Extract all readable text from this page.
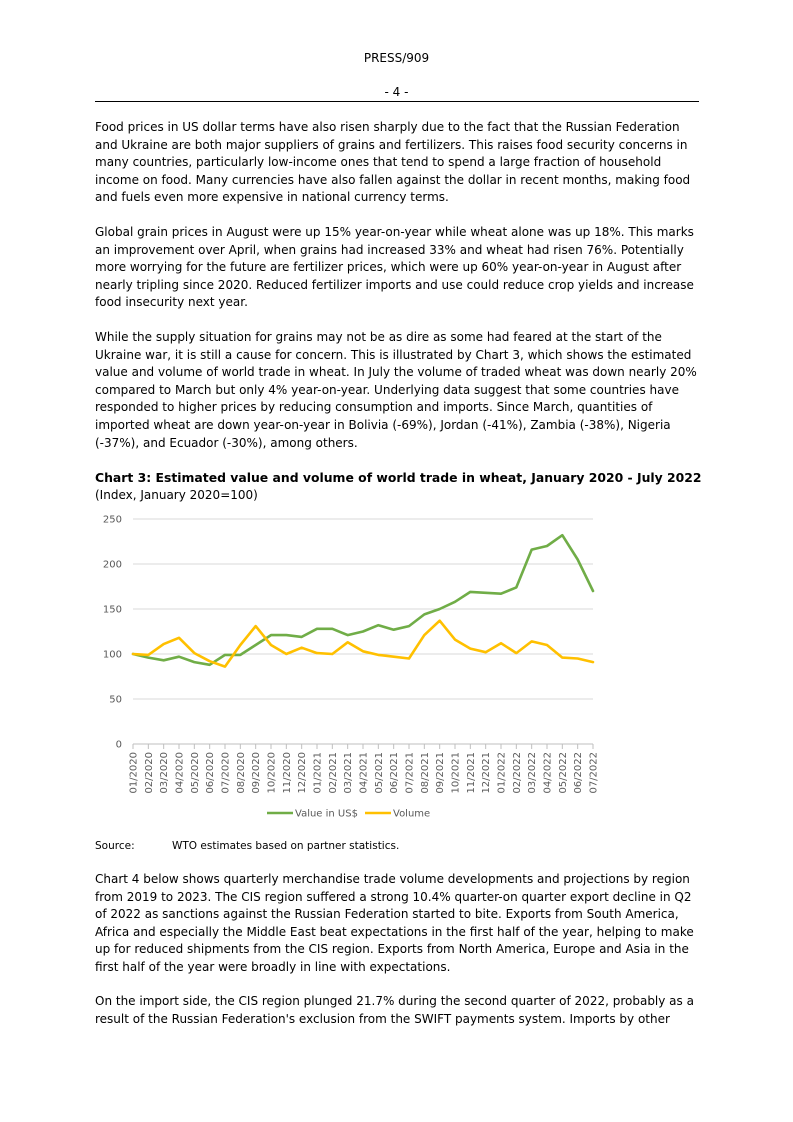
PRESS/909
- 4 -

Food prices in US dollar terms have also risen sharply due to the fact that the Russian Federation and Ukraine are both major suppliers of grains and fertilizers. This raises food security concerns in many countries, particularly low-income ones that tend to spend a large fraction of household income on food. Many currencies have also fallen against the dollar in recent months, making food and fuels even more expensive in national currency terms.

Global grain prices in August were up 15% year-on-year while wheat alone was up 18%. This marks an improvement over April, when grains had increased 33% and wheat had risen 76%. Potentially more worrying for the future are fertilizer prices, which were up 60% year-on-year in August after nearly tripling since 2020. Reduced fertilizer imports and use could reduce crop yields and increase food insecurity next year.

While the supply situation for grains may not be as dire as some had feared at the start of the Ukraine war, it is still a cause for concern. This is illustrated by Chart 3, which shows the estimated value and volume of world trade in wheat. In July the volume of traded wheat was down nearly 20% compared to March but only 4% year-on-year. Underlying data suggest that some countries have responded to higher prices by reducing consumption and imports. Since March, quantities of imported wheat are down year-on-year in Bolivia (-69%), Jordan (-41%), Zambia (-38%), Nigeria (-37%), and Ecuador (-30%), among others.

Chart 3: Estimated value and volume of world trade in wheat, January 2020 - July 2022

(Index, January 2020=100)

0
50
100
150
200
250
01/2020 02/2020 03/2020 04/2020 05/2020 06/2020 07/2020 08/2020 09/2020 10/2020 11/2020 12/2020 01/2021 02/2021 03/2021 04/2021 05/2021 06/2021 07/2021 08/2021 09/2021 10/2021 11/2021 12/2021 01/2022 02/2022 03/2022 04/2022 05/2022 06/2022 07/2022
Value in US$	Volume
Source:	WTO estimates based on partner statistics.

Chart 4 below shows quarterly merchandise trade volume developments and projections by region from 2019 to 2023. The CIS region suffered a strong 10.4% quarter-on quarter export decline in Q2 of 2022 as sanctions against the Russian Federation started to bite. Exports from South America, Africa and especially the Middle East beat expectations in the first half of the year, helping to make up for reduced shipments from the CIS region. Exports from North America, Europe and Asia in the first half of the year were broadly in line with expectations.

On the import side, the CIS region plunged 21.7% during the second quarter of 2022, probably as a result of the Russian Federation's exclusion from the SWIFT payments system. Imports by other
